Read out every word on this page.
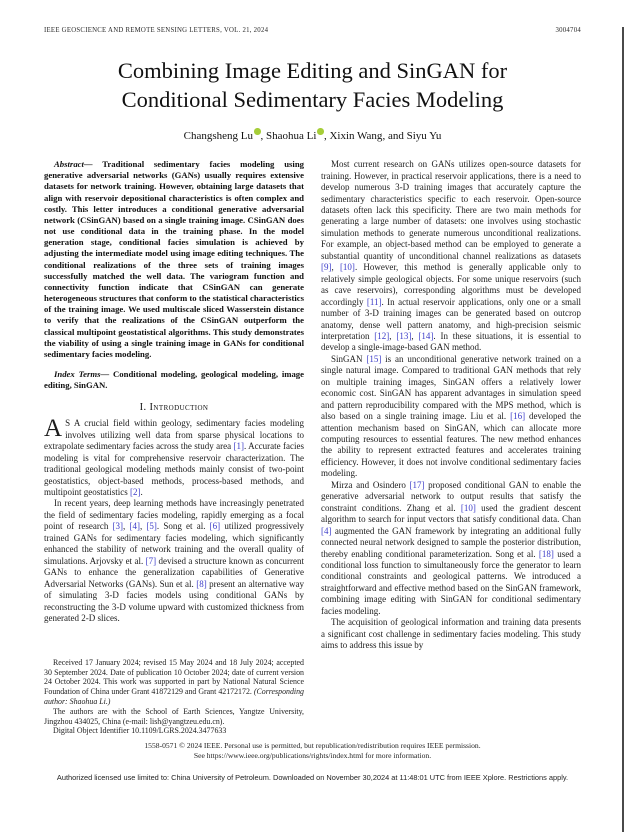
IEEE GEOSCIENCE AND REMOTE SENSING LETTERS, VOL. 21, 2024	3004704
Combining Image Editing and SinGAN for
Conditional Sedimentary Facies Modeling
Changsheng Lu , Shaohua Li , Xixin Wang, and Siyu Yu

Abstract— Traditional sedimentary facies modeling using generative adversarial networks (GANs) usually requires extensive datasets for network training. However, obtaining large datasets that align with reservoir depositional characteristics is often complex and costly. This letter introduces a conditional generative adversarial network (CSinGAN) based on a single training image. CSinGAN does not use conditional data in the training phase. In the model generation stage, conditional facies simulation is achieved by adjusting the intermediate model using image editing techniques. The conditional realizations of the three sets of training images successfully matched the well data. The variogram function and connectivity function indicate that CSinGAN can generate heterogeneous structures that conform to the statistical characteristics of the training image. We used multiscale sliced Wasserstein distance to verify that the realizations of the CSinGAN outperform the classical multipoint geostatistical algorithms. This study demonstrates the viability of using a single training image in GANs for conditional sedimentary facies modeling.

Index Terms— Conditional modeling, geological modeling, image editing, SinGAN.

I. Introduction

A S A crucial field within geology, sedimentary facies modeling involves utilizing well data from sparse physical locations to extrapolate sedimentary facies across the study area [1]. Accurate facies modeling is vital for comprehensive reservoir characterization. The traditional geological modeling methods mainly consist of two-point geostatistics, object-based methods, process-based methods, and multipoint geostatistics [2].

In recent years, deep learning methods have increasingly penetrated the field of sedimentary facies modeling, rapidly emerging as a focal point of research [3], [4], [5]. Song et al. [6] utilized progressively trained GANs for sedimentary facies modeling, which significantly enhanced the stability of network training and the overall quality of simulations. Arjovsky et al. [7] devised a structure known as concurrent GANs to enhance the generalization capabilities of Generative Adversarial Networks (GANs). Sun et al. [8] present an alternative way of simulating 3-D facies models using conditional GANs by reconstructing the 3-D volume upward with customized thickness from generated 2-D slices.

Received 17 January 2024; revised 15 May 2024 and 18 July 2024; accepted 30 September 2024. Date of publication 10 October 2024; date of current version 24 October 2024. This work was supported in part by National Natural Science Foundation of China under Grant 41872129 and Grant 42172172. (Corresponding author: Shaohua Li.)

The authors are with the School of Earth Sciences, Yangtze University, Jingzhou 434025, China (e-mail: lish@yangtzeu.edu.cn).

Digital Object Identifier 10.1109/LGRS.2024.3477633

Most current research on GANs utilizes open-source datasets for training. However, in practical reservoir applications, there is a need to develop numerous 3-D training images that accurately capture the sedimentary characteristics specific to each reservoir. Open-source datasets often lack this specificity. There are two main methods for generating a large number of datasets: one involves using stochastic simulation methods to generate numerous unconditional realizations. For example, an object-based method can be employed to generate a substantial quantity of unconditional channel realizations as datasets [9], [10]. However, this method is generally applicable only to relatively simple geological objects. For some unique reservoirs (such as cave reservoirs), corresponding algorithms must be developed accordingly [11]. In actual reservoir applications, only one or a small number of 3-D training images can be generated based on outcrop anatomy, dense well pattern anatomy, and high-precision seismic interpretation [12], [13], [14]. In these situations, it is essential to develop a single-image-based GAN method.

SinGAN [15] is an unconditional generative network trained on a single natural image. Compared to traditional GAN methods that rely on multiple training images, SinGAN offers a relatively lower economic cost. SinGAN has apparent advantages in simulation speed and pattern reproducibility compared with the MPS method, which is also based on a single training image. Liu et al. [16] developed the attention mechanism based on SinGAN, which can allocate more computing resources to essential features. The new method enhances the ability to represent extracted features and accelerates training efficiency. However, it does not involve conditional sedimentary facies modeling.

Mirza and Osindero [17] proposed conditional GAN to enable the generative adversarial network to output results that satisfy the constraint conditions. Zhang et al. [10] used the gradient descent algorithm to search for input vectors that satisfy conditional data. Chan [4] augmented the GAN framework by integrating an additional fully connected neural network designed to sample the posterior distribution, thereby enabling conditional parameterization. Song et al. [18] used a conditional loss function to simultaneously force the generator to learn conditional constraints and geological patterns. We introduced a straightforward and effective method based on the SinGAN framework, combining image editing with SinGAN for conditional sedimentary facies modeling.

The acquisition of geological information and training data presents a significant cost challenge in sedimentary facies modeling. This study aims to address this issue by

1558-0571 © 2024 IEEE. Personal use is permitted, but republication/redistribution requires IEEE permission.
See https://www.ieee.org/publications/rights/index.html for more information.
Authorized licensed use limited to: China University of Petroleum. Downloaded on November 30,2024 at 11:48:01 UTC from IEEE Xplore. Restrictions apply.
